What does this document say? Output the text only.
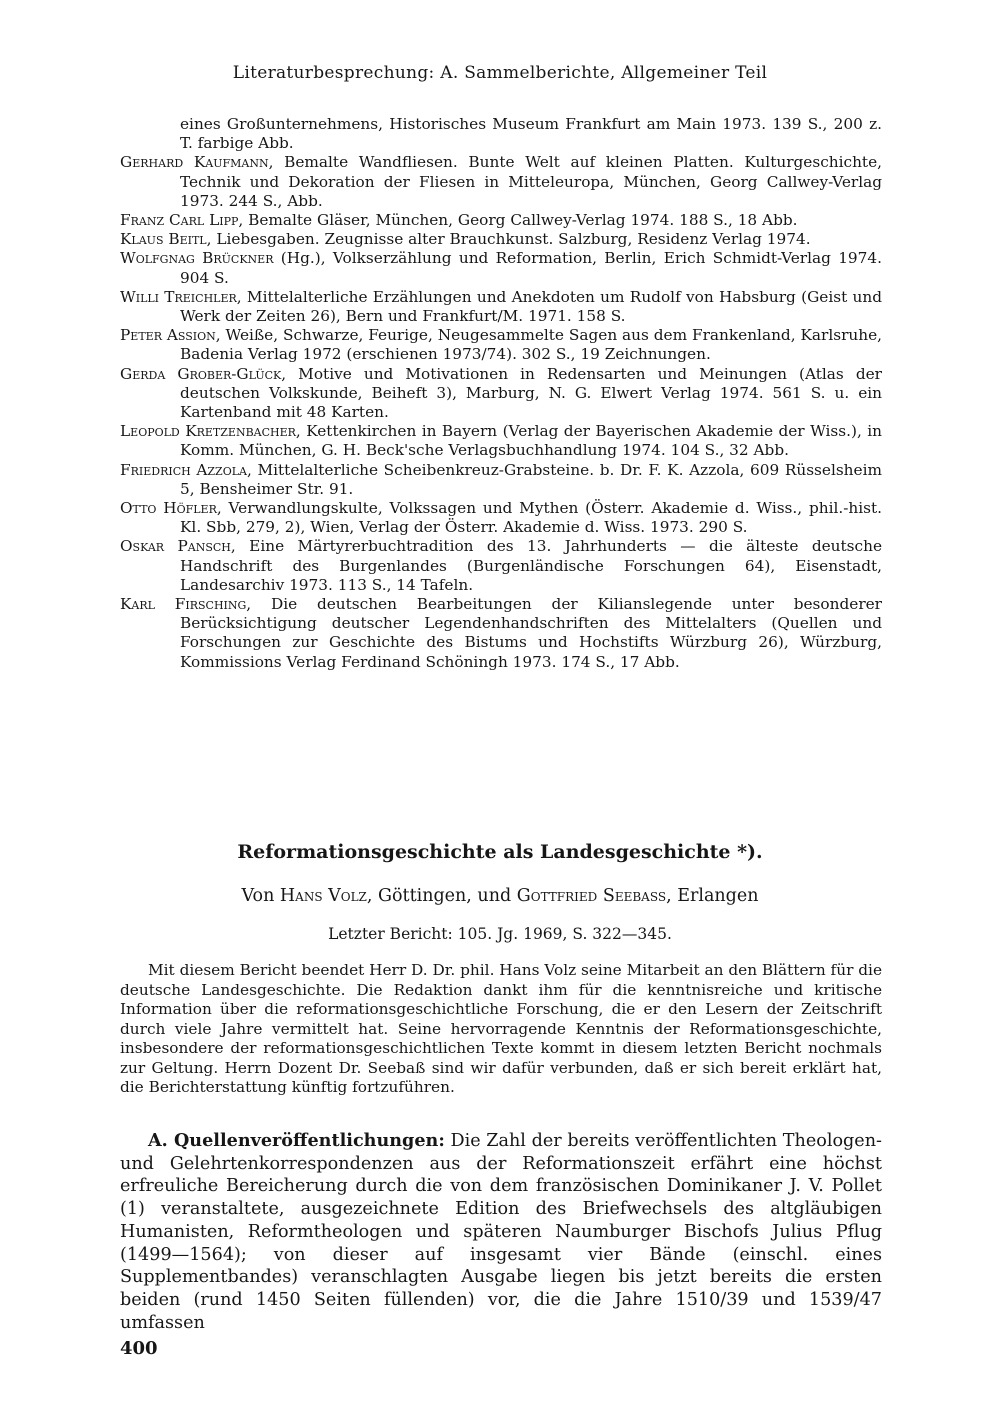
Literaturbesprechung: A. Sammelberichte, Allgemeiner Teil
eines Großunternehmens, Historisches Museum Frankfurt am Main 1973. 139 S., 200 z. T. farbige Abb.
Gerhard Kaufmann, Bemalte Wandfliesen. Bunte Welt auf kleinen Platten. Kulturgeschichte, Technik und Dekoration der Fliesen in Mitteleuropa, München, Georg Callwey-Verlag 1973. 244 S., Abb.
Franz Carl Lipp, Bemalte Gläser, München, Georg Callwey-Verlag 1974. 188 S., 18 Abb.
Klaus Beitl, Liebesgaben. Zeugnisse alter Brauchkunst. Salzburg, Residenz Verlag 1974.
Wolfgnag Brückner (Hg.), Volkserzählung und Reformation, Berlin, Erich Schmidt-Verlag 1974. 904 S.
Willi Treichler, Mittelalterliche Erzählungen und Anekdoten um Rudolf von Habsburg (Geist und Werk der Zeiten 26), Bern und Frankfurt/M. 1971. 158 S.
Peter Assion, Weiße, Schwarze, Feurige, Neugesammelte Sagen aus dem Frankenland, Karlsruhe, Badenia Verlag 1972 (erschienen 1973/74). 302 S., 19 Zeichnungen.
Gerda Grober-Glück, Motive und Motivationen in Redensarten und Meinungen (Atlas der deutschen Volkskunde, Beiheft 3), Marburg, N. G. Elwert Verlag 1974. 561 S. u. ein Kartenband mit 48 Karten.
Leopold Kretzenbacher, Kettenkirchen in Bayern (Verlag der Bayerischen Akademie der Wiss.), in Komm. München, G. H. Beck'sche Verlagsbuchhandlung 1974. 104 S., 32 Abb.
Friedrich Azzola, Mittelalterliche Scheibenkreuz-Grabsteine. b. Dr. F. K. Azzola, 609 Rüsselsheim 5, Bensheimer Str. 91.
Otto Höfler, Verwandlungskulte, Volkssagen und Mythen (Österr. Akademie d. Wiss., phil.-hist. Kl. Sbb, 279, 2), Wien, Verlag der Österr. Akademie d. Wiss. 1973. 290 S.
Oskar Pansch, Eine Märtyrerbuchtradition des 13. Jahrhunderts — die älteste deutsche Handschrift des Burgenlandes (Burgenländische Forschungen 64), Eisenstadt, Landesarchiv 1973. 113 S., 14 Tafeln.
Karl Firsching, Die deutschen Bearbeitungen der Kilianslegende unter besonderer Berücksichtigung deutscher Legendenhandschriften des Mittelalters (Quellen und Forschungen zur Geschichte des Bistums und Hochstifts Würzburg 26), Würzburg, Kommissions Verlag Ferdinand Schöningh 1973. 174 S., 17 Abb.
Reformationsgeschichte als Landesgeschichte *).
Von Hans Volz, Göttingen, und Gottfried Seebass, Erlangen
Letzter Bericht: 105. Jg. 1969, S. 322—345.

Mit diesem Bericht beendet Herr D. Dr. phil. Hans Volz seine Mitarbeit an den Blättern für die deutsche Landesgeschichte. Die Redaktion dankt ihm für die kenntnisreiche und kritische Information über die reformationsgeschichtliche Forschung, die er den Lesern der Zeitschrift durch viele Jahre vermittelt hat. Seine hervorragende Kenntnis der Reformationsgeschichte, insbesondere der reformationsgeschichtlichen Texte kommt in diesem letzten Bericht nochmals zur Geltung. Herrn Dozent Dr. Seebaß sind wir dafür verbunden, daß er sich bereit erklärt hat, die Berichterstattung künftig fortzuführen.

A. Quellenveröffentlichungen: Die Zahl der bereits veröffentlichten Theologen- und Gelehrtenkorrespondenzen aus der Reformationszeit erfährt eine höchst erfreuliche Bereicherung durch die von dem französischen Dominikaner J. V. Pollet (1) veranstaltete, ausgezeichnete Edition des Briefwechsels des altgläubigen Humanisten, Reformtheologen und späteren Naumburger Bischofs Julius Pflug (1499—1564); von dieser auf insgesamt vier Bände (einschl. eines Supplementbandes) veranschlagten Ausgabe liegen bis jetzt bereits die ersten beiden (rund 1450 Seiten füllenden) vor, die die Jahre 1510/39 und 1539/47 umfassen

400
